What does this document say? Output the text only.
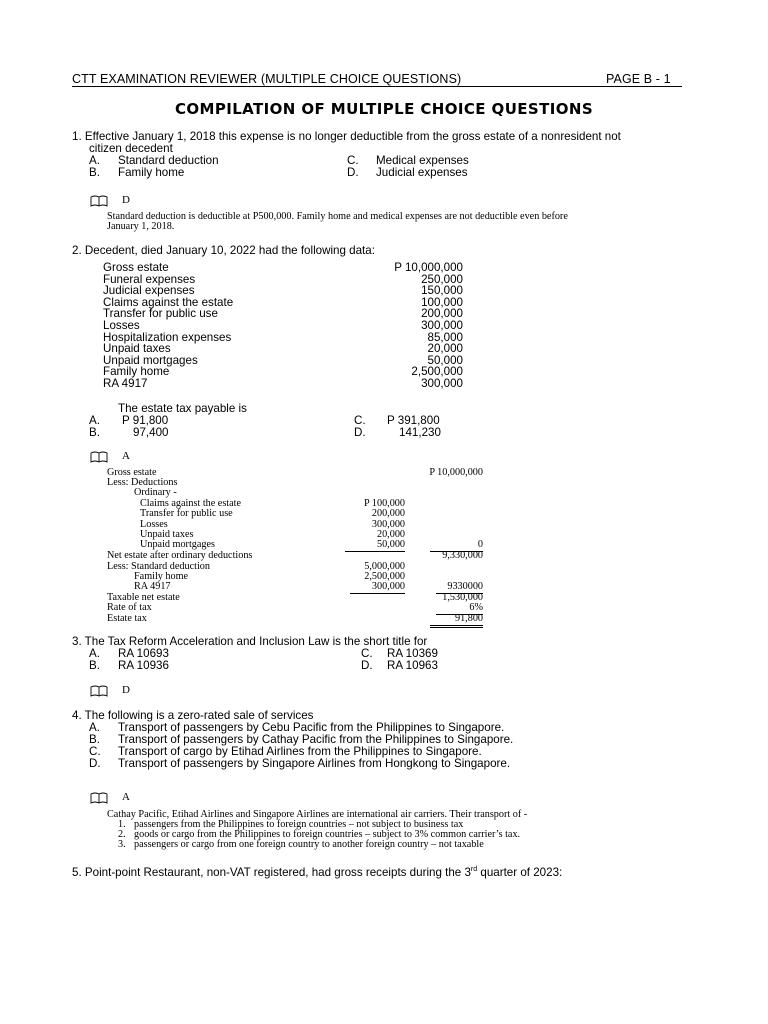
CTT EXAMINATION REVIEWER (MULTIPLE CHOICE QUESTIONS)	PAGE B - 1
COMPILATION OF MULTIPLE CHOICE QUESTIONS
1. Effective January 1, 2018 this expense is no longer deductible from the gross estate of a nonresident not
citizen decedent
A. Standard deduction
B. Family home
C. Medical expenses
D. Judicial expenses
D
Standard deduction is deductible at P500,000. Family home and medical expenses are not deductible even before
January 1, 2018.
2. Decedent, died January 10, 2022 had the following data:
Gross estate	P 10,000,000
Funeral expenses	250,000
Judicial expenses	150,000
Claims against the estate	100,000
Transfer for public use	200,000
Losses	300,000
Hospitalization expenses	85,000
Unpaid taxes	20,000
Unpaid mortgages	50,000
Family home	2,500,000
RA 4917	300,000
The estate tax payable is
A. P 91,800
B.	97,400
C. P 391,800
D.	141,230
A
Gross estate	P 10,000,000
Less: Deductions
Ordinary -
Claims against the estate	P 100,000
Transfer for public use	200,000
Losses	300,000
Unpaid taxes	20,000
Unpaid mortgages	50,000	0
Net estate after ordinary deductions	9,330,000
Less: Standard deduction	5,000,000
Family home	2,500,000
RA 4917	300,000	9330000
Taxable net estate	1,530,000
Rate of tax	6%
Estate tax	91,800
3. The Tax Reform Acceleration and Inclusion Law is the short title for
A. RA 10693
B. RA 10936
C. RA 10369
D. RA 10963
D
4. The following is a zero-rated sale of services
A. Transport of passengers by Cebu Pacific from the Philippines to Singapore.
B. Transport of passengers by Cathay Pacific from the Philippines to Singapore.
C. Transport of cargo by Etihad Airlines from the Philippines to Singapore.
D. Transport of passengers by Singapore Airlines from Hongkong to Singapore.
A
Cathay Pacific, Etihad Airlines and Singapore Airlines are international air carriers. Their transport of -
1. passengers from the Philippines to foreign countries – not subject to business tax
2. goods or cargo from the Philippines to foreign countries – subject to 3% common carrier’s tax.
3. passengers or cargo from one foreign country to another foreign country – not taxable
5. Point-point Restaurant, non-VAT registered, had gross receipts during the 3rd quarter of 2023:
